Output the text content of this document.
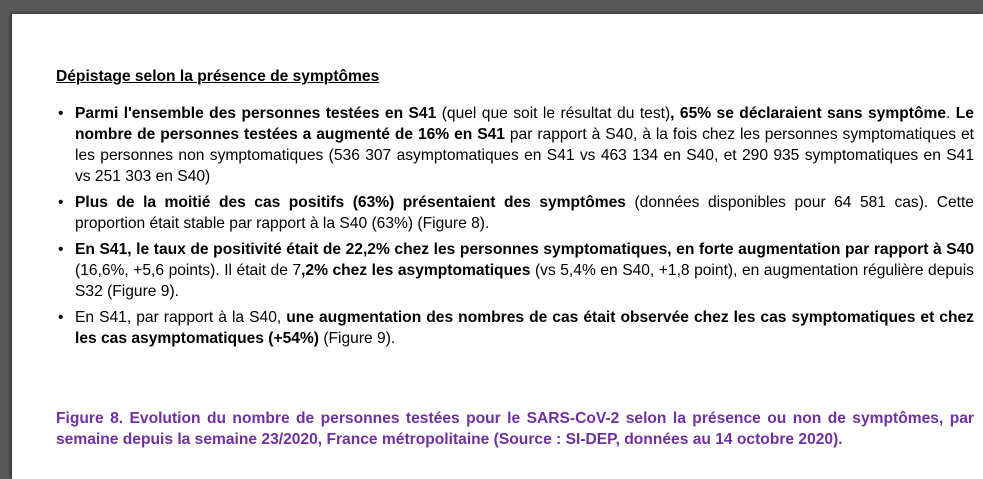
Dépistage selon la présence de symptômes
• Parmi l'ensemble des personnes testées en S41 (quel que soit le résultat du test), 65% se déclaraient sans symptôme. Le nombre de personnes testées a augmenté de 16% en S41 par rapport à S40, à la fois chez les personnes symptomatiques et les personnes non symptomatiques (536 307 asymptomatiques en S41 vs 463 134 en S40, et 290 935 symptomatiques en S41 vs 251 303 en S40)
• Plus de la moitié des cas positifs (63%) présentaient des symptômes (données disponibles pour 64 581 cas). Cette proportion était stable par rapport à la S40 (63%) (Figure 8).
• En S41, le taux de positivité était de 22,2% chez les personnes symptomatiques, en forte augmentation par rapport à S40 (16,6%, +5,6 points). Il était de 7,2% chez les asymptomatiques (vs 5,4% en S40, +1,8 point), en augmentation régulière depuis S32 (Figure 9).
• En S41, par rapport à la S40, une augmentation des nombres de cas était observée chez les cas symptomatiques et chez les cas asymptomatiques (+54%) (Figure 9).
Figure 8. Evolution du nombre de personnes testées pour le SARS-CoV-2 selon la présence ou non de symptômes, par semaine depuis la semaine 23/2020, France métropolitaine (Source : SI-DEP, données au 14 octobre 2020).
